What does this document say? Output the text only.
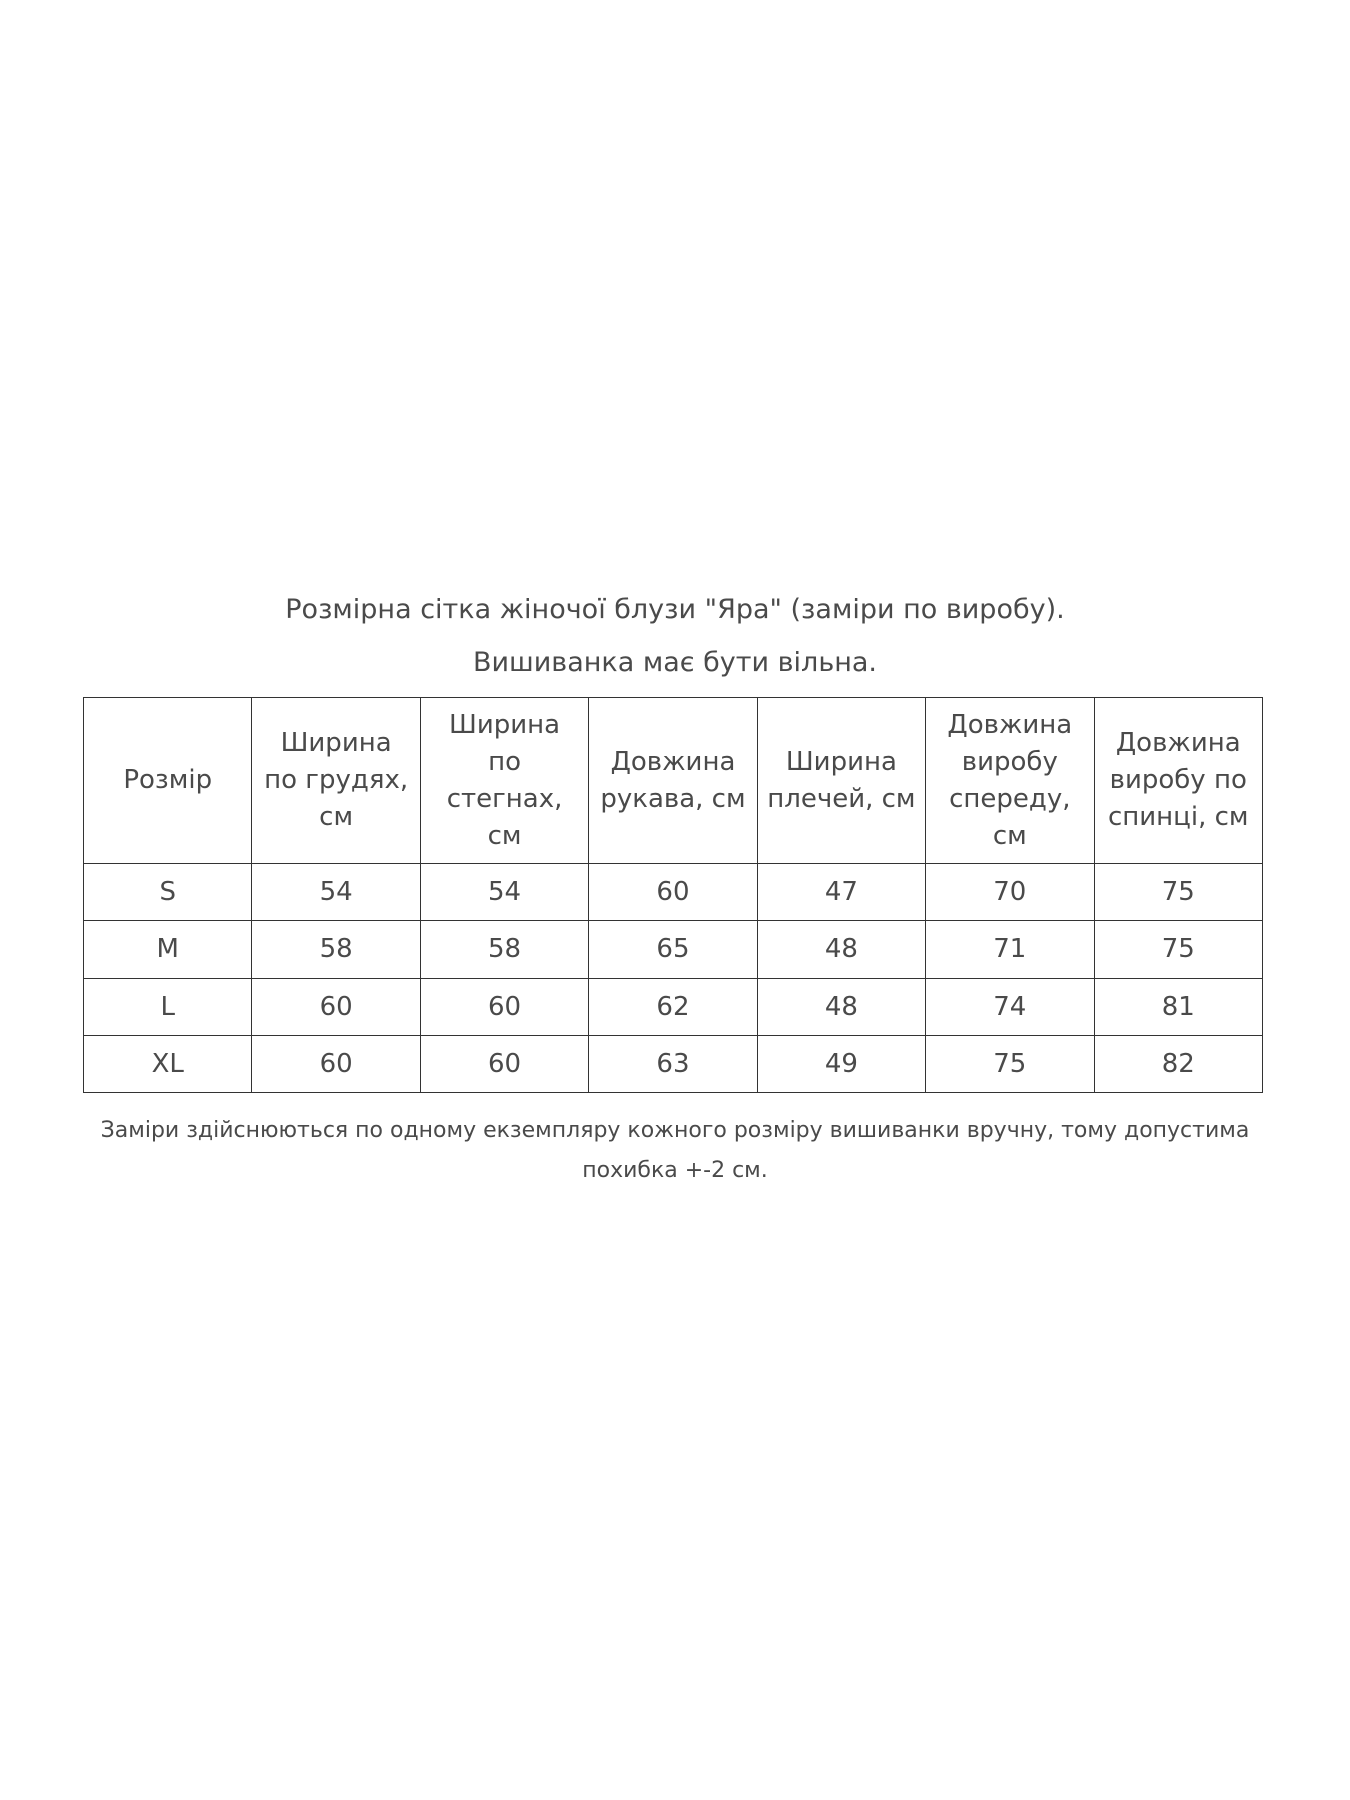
Розмірна сітка жіночої блузи "Яра" (заміри по виробу).
Вишиванка має бути вільна.
Розмір	Ширина по грудях, см	Ширина по стегнах, см	Довжина рукава, см	Ширина плечей, см	Довжина виробу спереду, см	Довжина виробу по спинці, см
S	54	54	60	47	70	75
M	58	58	65	48	71	75
L	60	60	62	48	74	81
XL	60	60	63	49	75	82

Заміри здійснюються по одному екземпляру кожного розміру вишиванки вручну, тому допустима похибка +-2 см.
